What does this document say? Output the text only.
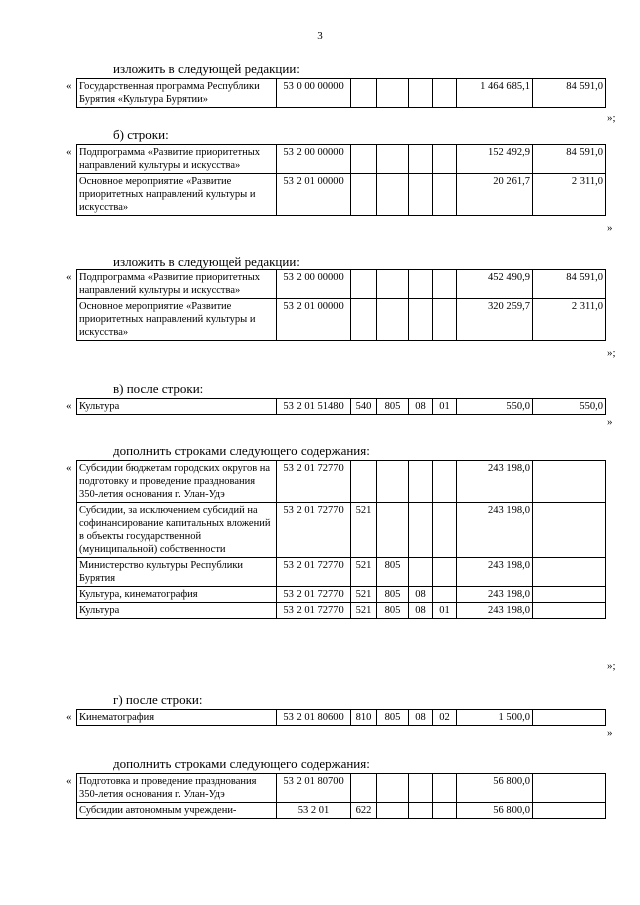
3
изложить в следующей редакции:
« Государственная программа Республики Бурятия «Культура Бурятии»	53 0 00 00000					1 464 685,1	84 591,0
»;
б) строки:
« Подпрограмма «Развитие приоритетных направлений культуры и искусства»	53 2 00 00000					152 492,9	84 591,0
Основное мероприятие «Развитие приоритетных направлений культуры и искусства»	53 2 01 00000					20 261,7	2 311,0
»
изложить в следующей редакции:
« Подпрограмма «Развитие приоритетных направлений культуры и искусства»	53 2 00 00000					452 490,9	84 591,0
Основное мероприятие «Развитие приоритетных направлений культуры и искусства»	53 2 01 00000					320 259,7	2 311,0
»;
в) после строки:
« Культура	53 2 01 51480	540	805	08	01	550,0	550,0
»
дополнить строками следующего содержания:
« Субсидии бюджетам городских округов на подготовку и проведение празднования 350-летия основания г. Улан-Удэ	53 2 01 72770					243 198,0	
Субсидии, за исключением субсидий на софинансирование капитальных вложений в объекты государственной (муниципальной) собственности	53 2 01 72770	521				243 198,0	
Министерство культуры Республики Бурятия	53 2 01 72770	521	805			243 198,0	
Культура, кинематография	53 2 01 72770	521	805	08		243 198,0	
Культура	53 2 01 72770	521	805	08	01	243 198,0	
»;
г) после строки:
« Кинематография	53 2 01 80600	810	805	08	02	1 500,0	
»
дополнить строками следующего содержания:
« Подготовка и проведение празднования 350-летия основания г. Улан-Удэ	53 2 01 80700					56 800,0	
Субсидии автономным учреждени-	53 2 01	622				56 800,0	
